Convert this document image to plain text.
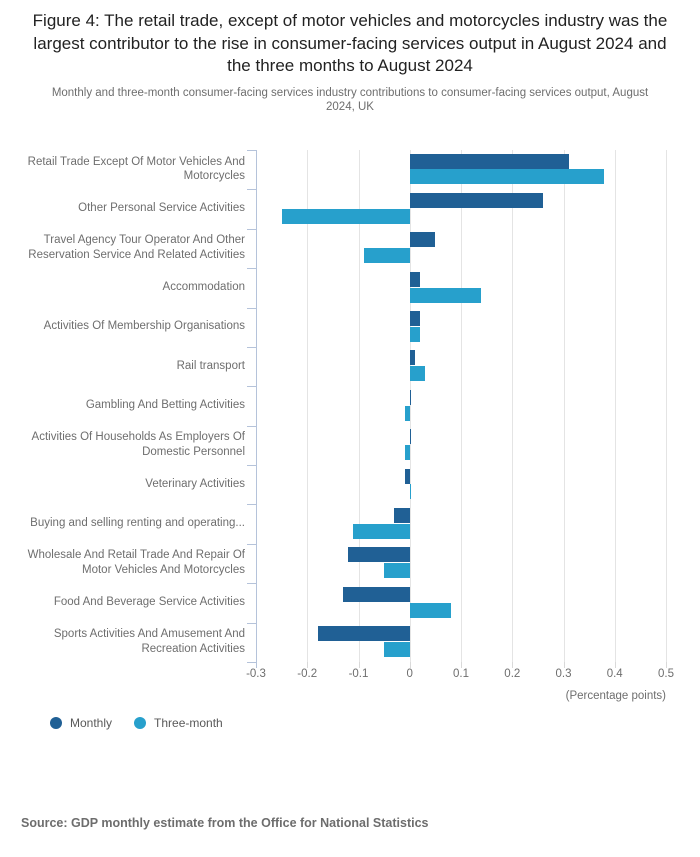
Figure 4: The retail trade, except of motor vehicles and motorcycles industry was the largest contributor to the rise in consumer-facing services output in August 2024 and the three months to August 2024

Monthly and three-month consumer-facing services industry contributions to consumer-facing services output, August 2024, UK

Retail Trade Except Of Motor Vehicles And Motorcycles
Other Personal Service Activities
Travel Agency Tour Operator And Other Reservation Service And Related Activities
Accommodation
Activities Of Membership Organisations
Rail transport
Gambling And Betting Activities
Activities Of Households As Employers Of Domestic Personnel
Veterinary Activities
Buying and selling renting and operating...
Wholesale And Retail Trade And Repair Of Motor Vehicles And Motorcycles
Food And Beverage Service Activities
Sports Activities And Amusement And Recreation Activities
-0.3	-0.2	-0.1	0	0.1	0.2	0.3	0.4	0.5
(Percentage points)
Monthly	Three-month
Source: GDP monthly estimate from the Office for National Statistics
